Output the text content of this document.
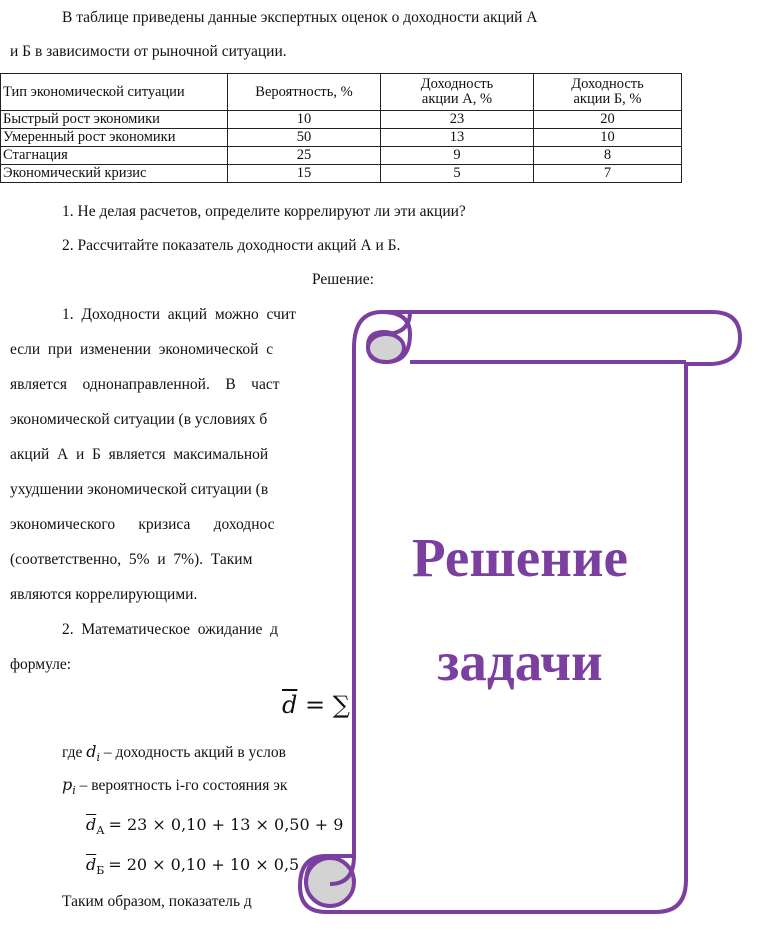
В таблице приведены данные экспертных оценок о доходности акций А
и Б в зависимости от рыночной ситуации.
Тип экономической ситуации	Вероятность, %	Доходность
акции А, %	Доходность
акции Б, %
Быстрый рост экономики	10	23	20
Умеренный рост экономики	50	13	10
Стагнация	25	9	8
Экономический кризис	15	5	7
1. Не делая расчетов, определите коррелируют ли эти акции?
2. Рассчитайте показатель доходности акций А и Б.
Решение:
1.  Доходности  акций  можно  счит
если  при  изменении  экономической  с
является    однонаправленной.    В    част
экономической ситуации (в условиях б
акций  А  и  Б  является  максимальной
ухудшении экономической ситуации (в
экономического      кризиса      доходнос
(соответственно,  5%  и  7%).  Таким
являются коррелирующими.
2.  Математическое  ожидание  д
формуле:
$\overline{d}$ = ∑
где $d_i$ – доходность акций в услов
$p_i$ – вероятность i-го состояния эк
$\overline{d}_А = 23 \times 0,10 + 13 \times 0,50 + 9$
$\overline{d}_Б = 20 \times 0,10 + 10 \times 0,5$
Таким образом, показатель д
Решение
задачи
